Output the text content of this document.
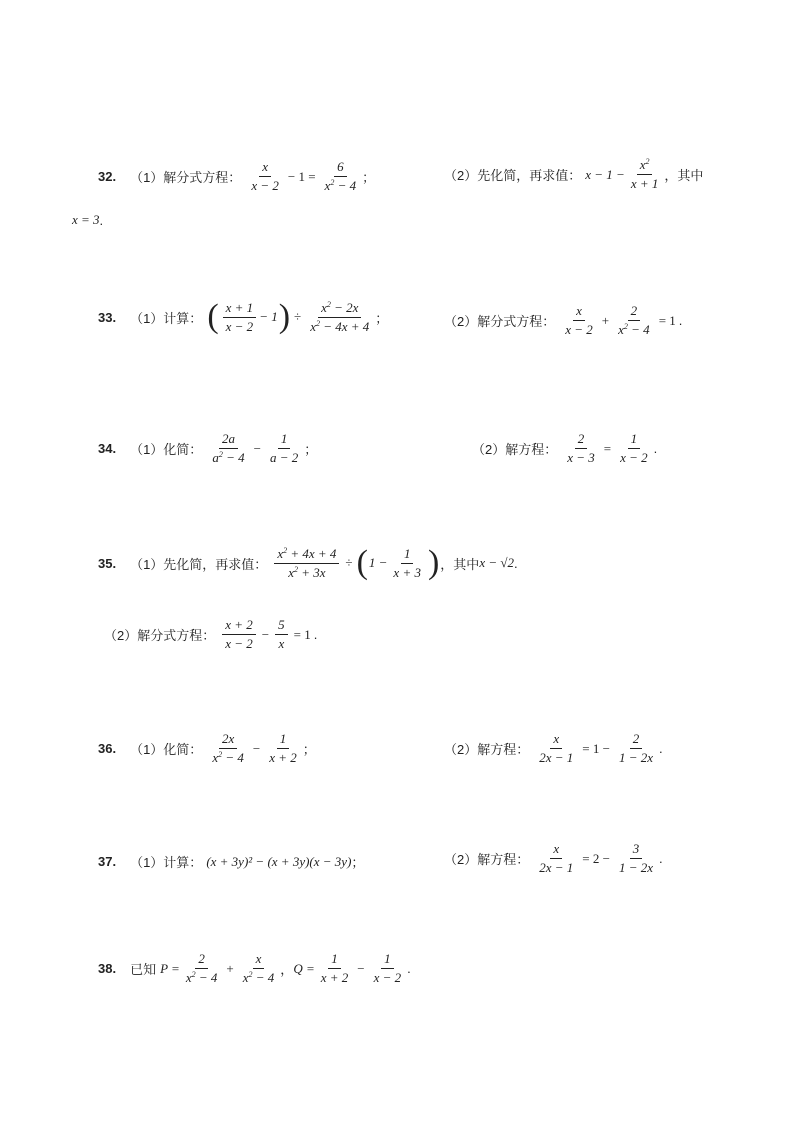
32. （1）解分式方程： $\frac{x}{x - 2} - 1 = \frac{6}{x^2 - 4}$ ；	（2）先化简，再求值： $x - 1 - \frac{x^2}{x + 1}$ ，其中
x = 3 .
33. （1）计算： ( $\frac{x + 1}{x - 2} - 1$ ) ÷ $\frac{x^2 - 2x}{x^2 - 4x + 4}$ ；	（2）解分式方程： $\frac{x}{x - 2} + \frac{2}{x^2 - 4} = 1$ .
34. （1）化简： $\frac{2a}{a^2 - 4} - \frac{1}{a - 2}$ ；	（2）解方程： $\frac{2}{x - 3} = \frac{1}{x - 2}$ .
35. （1）先化简，再求值： $\frac{x^2 + 4x + 4}{x^2 + 3x}$ ÷ ( $1 - \frac{1}{x + 3}$ ) ，其中 x − √2 .
（2）解分式方程： $\frac{x + 2}{x - 2} - \frac{5}{x} = 1$ .
36. （1）化简： $\frac{2x}{x^2 - 4} - \frac{1}{x + 2}$ ；	（2）解方程： $\frac{x}{2x - 1} = 1 - \frac{2}{1 - 2x}$ .
37. （1）计算： (x + 3y)² − (x + 3y)(x − 3y) ；	（2）解方程： $\frac{x}{2x - 1} = 2 - \frac{3}{1 - 2x}$ .
38. 已知 $P = \frac{2}{x^2 - 4} + \frac{x}{x^2 - 4}$ ， $Q = \frac{1}{x + 2} - \frac{1}{x - 2}$ .
